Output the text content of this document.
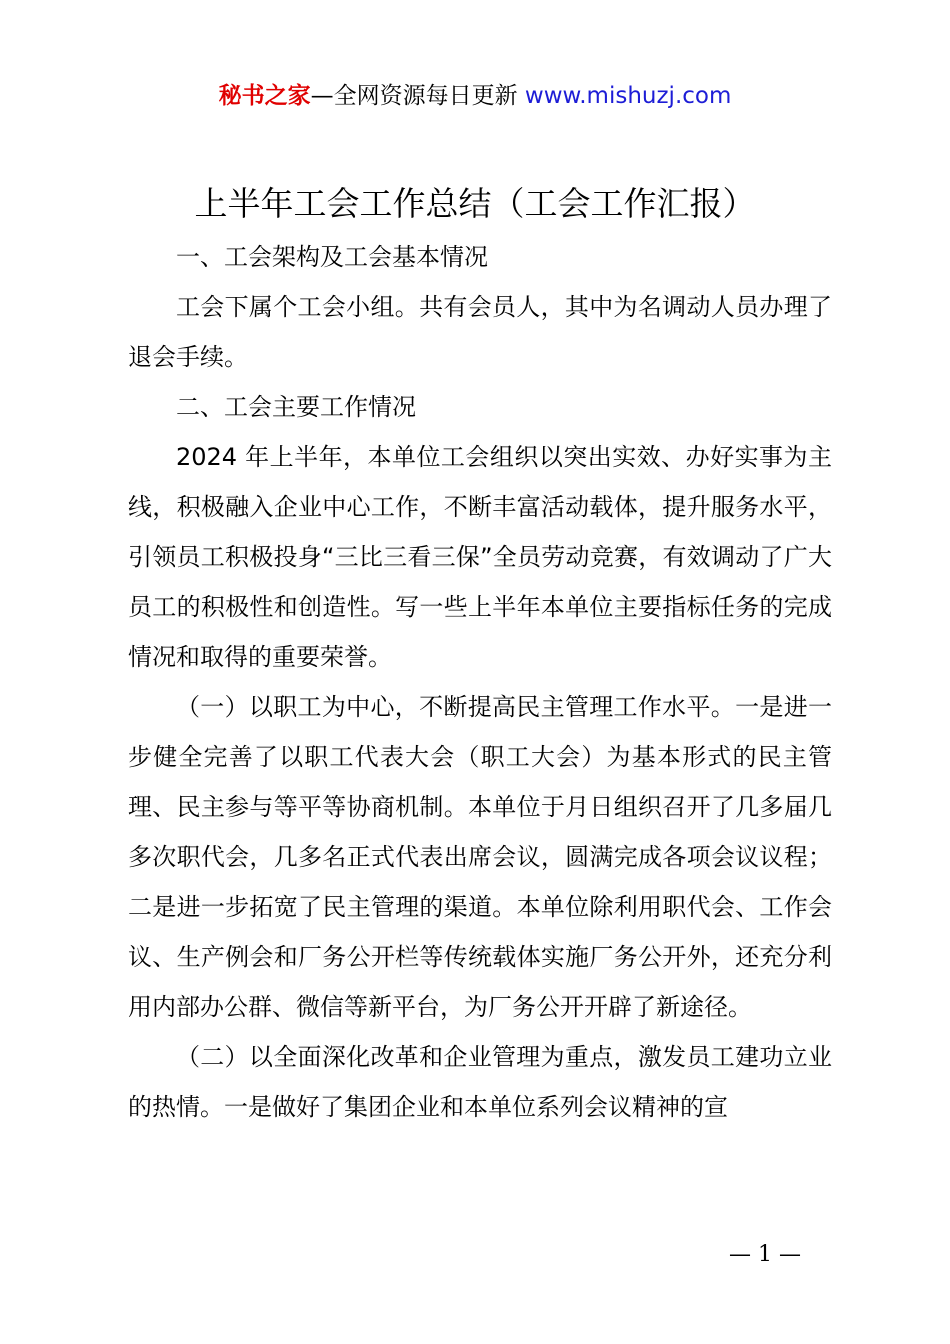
秘书之家—全网资源每日更新 www.mishuzj.com
上半年工会工作总结（工会工作汇报）

一、工会架构及工会基本情况

工会下属个工会小组。共有会员人，其中为名调动人员办理了退会手续。

二、工会主要工作情况

2024 年上半年，本单位工会组织以突出实效、办好实事为主线，积极融入企业中心工作，不断丰富活动载体，提升服务水平，引领员工积极投身“三比三看三保”全员劳动竞赛，有效调动了广大员工的积极性和创造性。写一些上半年本单位主要指标任务的完成情况和取得的重要荣誉。

（一）以职工为中心，不断提高民主管理工作水平。一是进一步健全完善了以职工代表大会（职工大会）为基本形式的民主管理、民主参与等平等协商机制。本单位于月日组织召开了几多届几多次职代会，几多名正式代表出席会议，圆满完成各项会议议程；二是进一步拓宽了民主管理的渠道。本单位除利用职代会、工作会议、生产例会和厂务公开栏等传统载体实施厂务公开外，还充分利用内部办公群、微信等新平台，为厂务公开开辟了新途径。

（二）以全面深化改革和企业管理为重点，激发员工建功立业的热情。一是做好了集团企业和本单位系列会议精神的宣

— 1 —
